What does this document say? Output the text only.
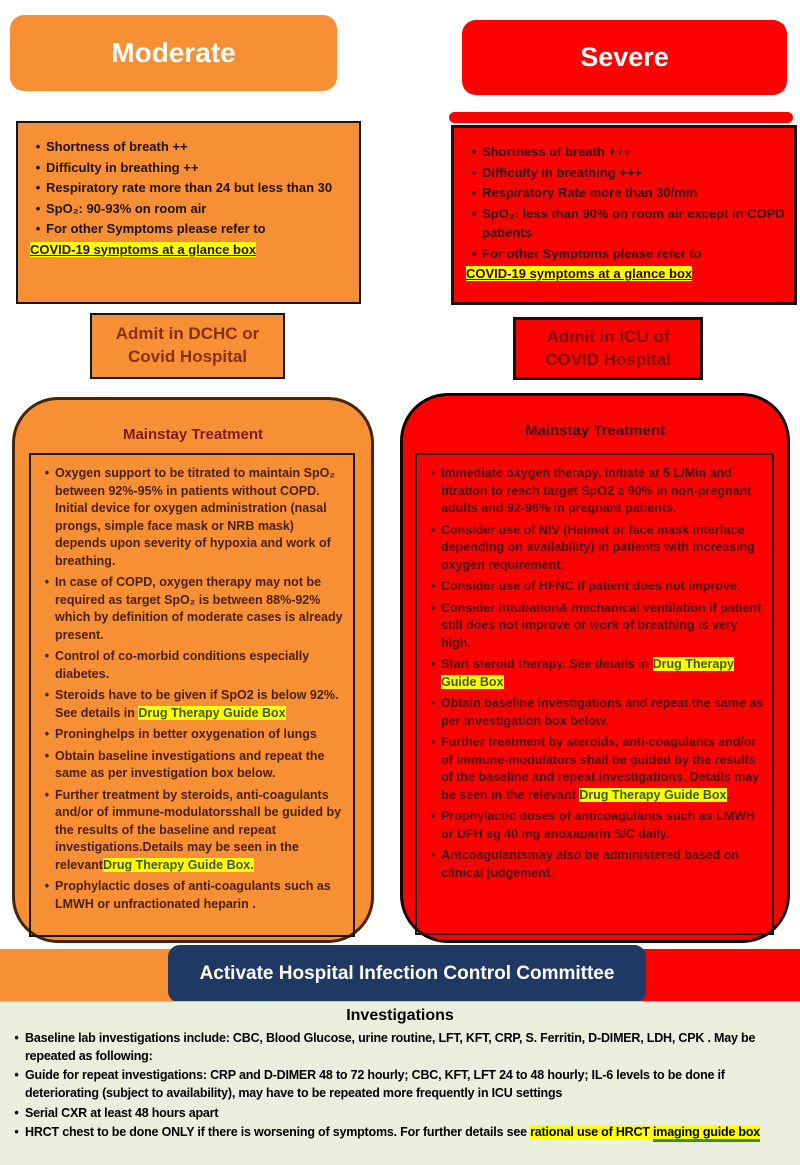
Moderate	Severe
• Shortness of breath ++
• Difficulty in breathing ++
• Respiratory rate more than 24 but less than 30
• SpO₂: 90-93% on room air
• For other Symptoms please refer to
COVID-19 symptoms at a glance box
• Shortness of breath +++
• Difficulty in breathing +++
• Respiratory Rate more than 30/min
• SpO₂: less than 90% on room air except in COPD patients
• For other Symptoms please refer to
COVID-19 symptoms at a glance box
Admit in DCHC or
Covid Hospital
Admit in ICU of
COVID Hospital
Mainstay Treatment
• Oxygen support to be titrated to maintain SpO₂ between 92%-95% in patients without COPD. Initial device for oxygen administration (nasal prongs, simple face mask or NRB mask) depends upon severity of hypoxia and work of breathing.
• In case of COPD, oxygen therapy may not be required as target SpO₂ is between 88%-92% which by definition of moderate cases is already present.
• Control of co-morbid conditions especially diabetes.
• Steroids have to be given if SpO2 is below 92%. See details in Drug Therapy Guide Box
• Proninghelps in better oxygenation of lungs
• Obtain baseline investigations and repeat the same as per investigation box below.
• Further treatment by steroids, anti-coagulants and/or of immune-modulatorsshall be guided by the results of the baseline and repeat investigations.Details may be seen in the relevantDrug Therapy Guide Box.
• Prophylactic doses of anti-coagulants such as LMWH or unfractionated heparin .
Mainstay Treatment
• Immediate oxygen therapy, initiate at 5 L/Min and titration to reach target SpO2 ≥ 90% in non-pregnant adults and 92-96% in pregnant patients.
• Consider use of NIV (Helmet or face mask interface depending on availability) in patients with increasing oxygen requirement.
• Consider use of HFNC if patient does not improve.
• Consider intubation& mechanical ventilation if patient still does not improve or work of breathing is very high.
• Start steroid therapy. See details in Drug Therapy Guide Box
• Obtain baseline investigations and repeat the same as per investigation box below.
• Further treatment by steroids, anti-coagulants and/or of immune-modulators shall be guided by the results of the baseline and repeat investigations. Details may be seen in the relevant Drug Therapy Guide Box.
• Prophylactic doses of anticoagulants such as LMWH or UFH eg 40 mg enoxaparin S/C daily.
• Antcoagulantsmay also be administered based on clinical judgement.
Activate Hospital Infection Control Committee
Investigations
• Baseline lab investigations include: CBC, Blood Glucose, urine routine, LFT, KFT, CRP, S. Ferritin, D-DIMER, LDH, CPK . May be repeated as following:
• Guide for repeat investigations: CRP and D-DIMER 48 to 72 hourly; CBC, KFT, LFT 24 to 48 hourly; IL-6 levels to be done if deteriorating (subject to availability), may have to be repeated more frequently in ICU settings
• Serial CXR at least 48 hours apart
• HRCT chest to be done ONLY if there is worsening of symptoms. For further details see rational use of HRCT imaging guide box
